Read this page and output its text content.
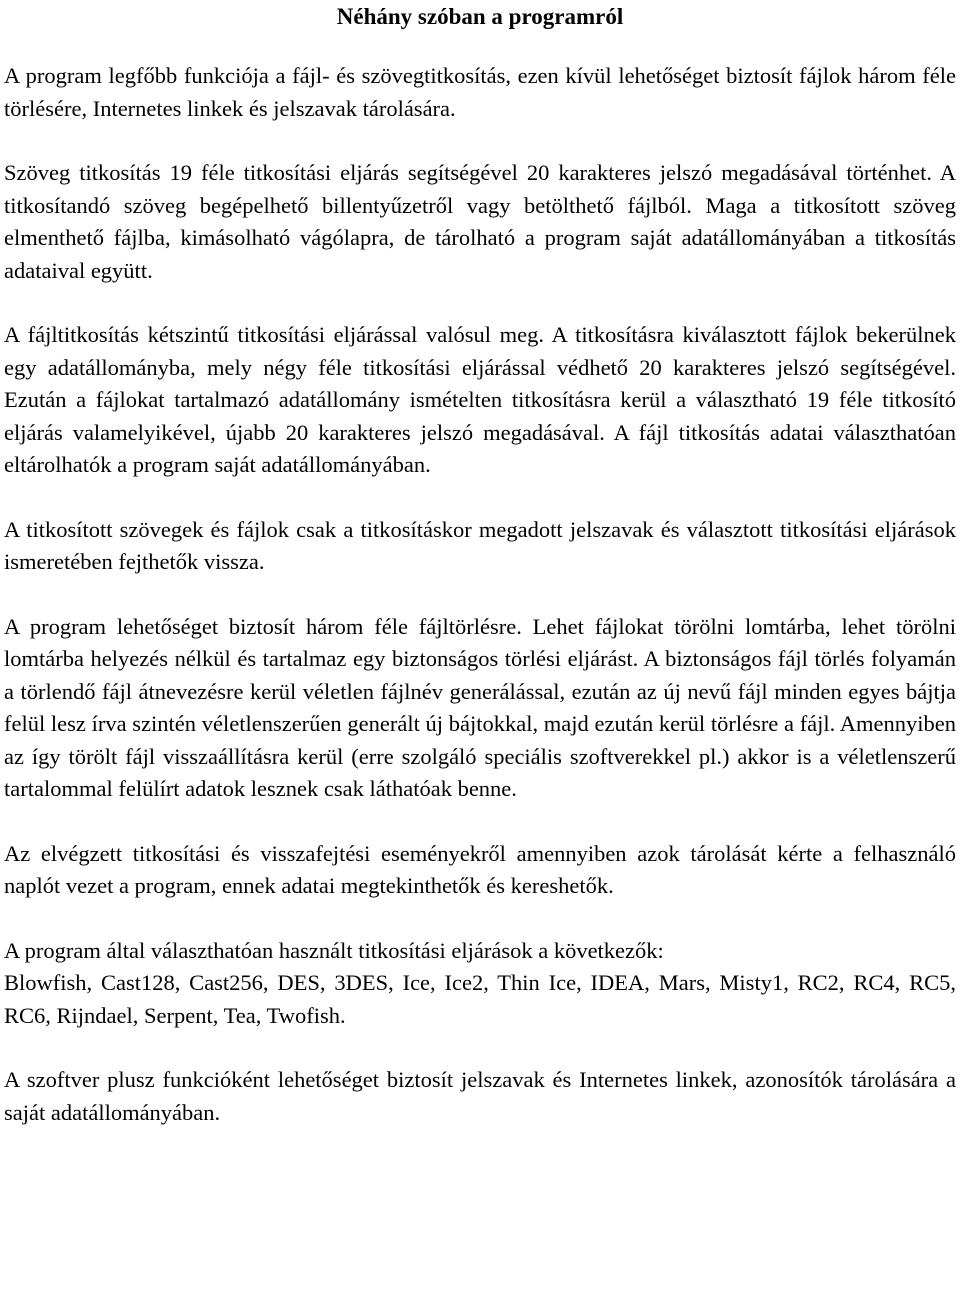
Néhány szóban a programról

A program legfőbb funkciója a fájl- és szövegtitkosítás, ezen kívül lehetőséget biztosít fájlok három féle törlésére, Internetes linkek és jelszavak tárolására.

Szöveg titkosítás 19 féle titkosítási eljárás segítségével 20 karakteres jelszó megadásával történhet. A titkosítandó szöveg begépelhető billentyűzetről vagy betölthető fájlból. Maga a titkosított szöveg elmenthető fájlba, kimásolható vágólapra, de tárolható a program saját adatállományában a titkosítás adataival együtt.

A fájltitkosítás kétszintű titkosítási eljárással valósul meg. A titkosításra kiválasztott fájlok bekerülnek egy adatállományba, mely négy féle titkosítási eljárással védhető 20 karakteres jelszó segítségével. Ezután a fájlokat tartalmazó adatállomány ismételten titkosításra kerül a választható 19 féle titkosító eljárás valamelyikével, újabb 20 karakteres jelszó megadásával. A fájl titkosítás adatai választhatóan eltárolhatók a program saját adatállományában.

A titkosított szövegek és fájlok csak a titkosításkor megadott jelszavak és választott titkosítási eljárások ismeretében fejthetők vissza.

A program lehetőséget biztosít három féle fájltörlésre. Lehet fájlokat törölni lomtárba, lehet törölni lomtárba helyezés nélkül és tartalmaz egy biztonságos törlési eljárást. A biztonságos fájl törlés folyamán a törlendő fájl átnevezésre kerül véletlen fájlnév generálással, ezután az új nevű fájl minden egyes bájtja felül lesz írva szintén véletlenszerűen generált új bájtokkal, majd ezután kerül törlésre a fájl. Amennyiben az így törölt fájl visszaállításra kerül (erre szolgáló speciális szoftverekkel pl.) akkor is a véletlenszerű tartalommal felülírt adatok lesznek csak láthatóak benne.

Az elvégzett titkosítási és visszafejtési eseményekről amennyiben azok tárolását kérte a felhasználó naplót vezet a program, ennek adatai megtekinthetők és kereshetők.

A program által választhatóan használt titkosítási eljárások a következők:

Blowfish, Cast128, Cast256, DES, 3DES, Ice, Ice2, Thin Ice, IDEA, Mars, Misty1, RC2, RC4, RC5, RC6, Rijndael, Serpent, Tea, Twofish.

A szoftver plusz funkcióként lehetőséget biztosít jelszavak és Internetes linkek, azonosítók tárolására a saját adatállományában.
